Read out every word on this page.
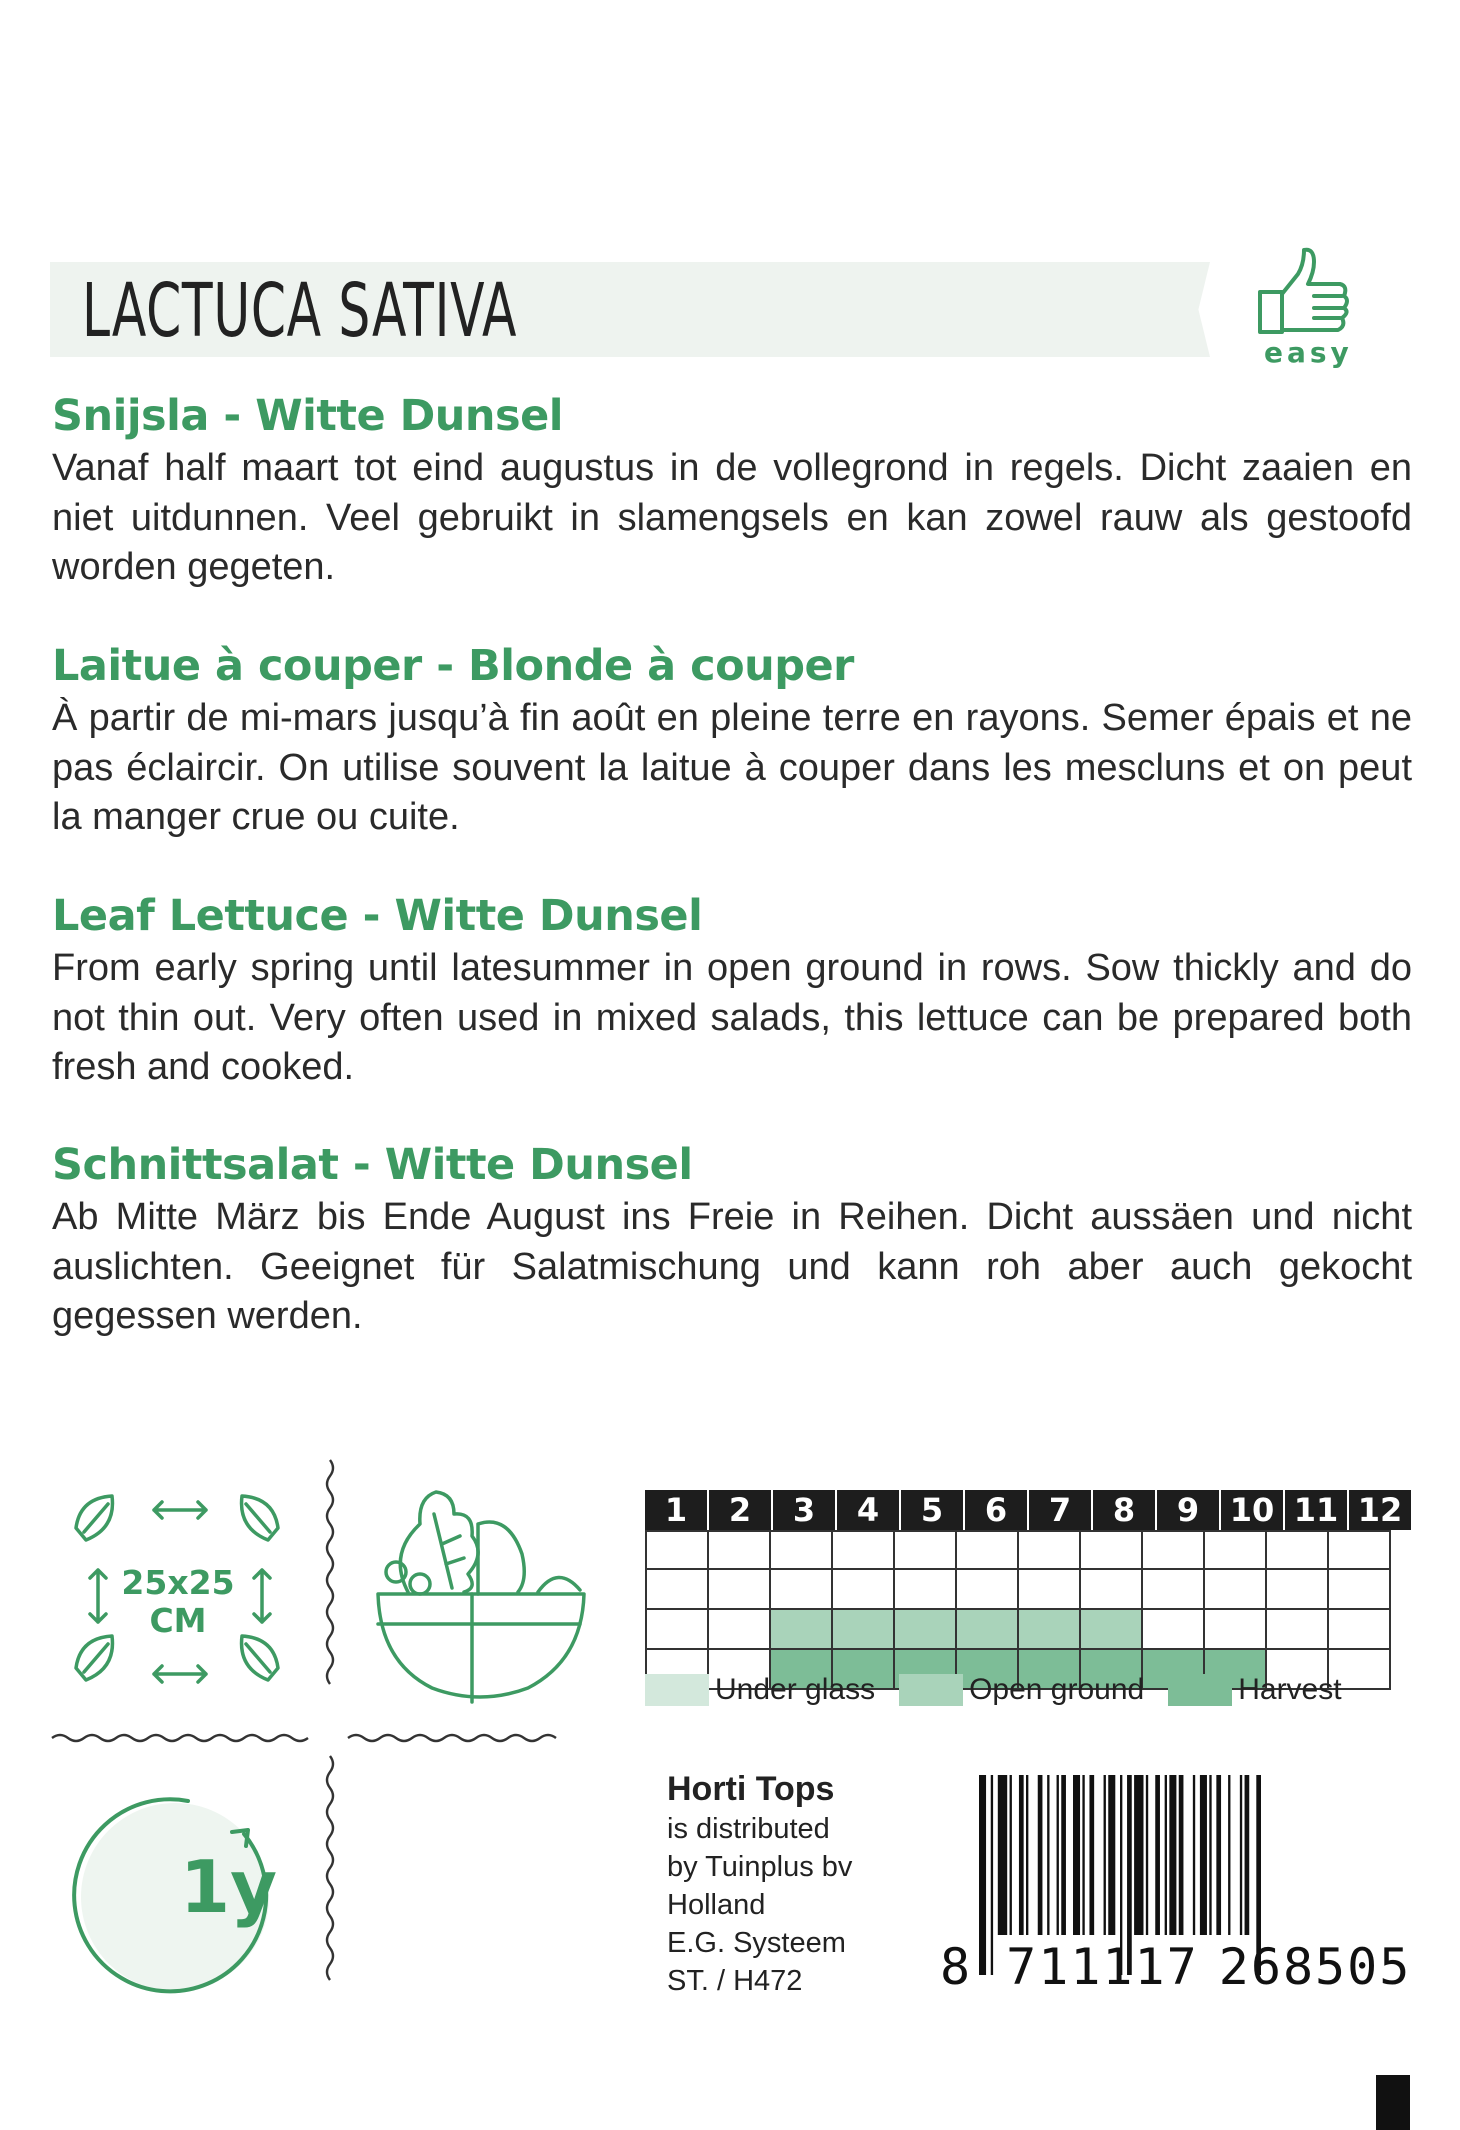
LACTUCA SATIVA	easy
Snijsla - Witte Dunsel

Vanaf half maart tot eind augustus in de vollegrond in regels. Dicht zaaien en niet uitdunnen. Veel gebruikt in slamengsels en kan zowel rauw als gestoofd worden gegeten.

Laitue à couper - Blonde à couper

À partir de mi-mars jusqu’à fin août en pleine terre en rayons. Semer épais et ne pas éclaircir. On utilise souvent la laitue à couper dans les mescluns et on peut la manger crue ou cuite.

Leaf Lettuce - Witte Dunsel

From early spring until latesummer in open ground in rows. Sow thickly and do not thin out. Very often used in mixed salads, this lettuce can be prepared both fresh and cooked.

Schnittsalat - Witte Dunsel

Ab Mitte März bis Ende August ins Freie in Reihen. Dicht aussäen und nicht auslichten. Geeignet für Salatmischung und kann roh aber auch gekocht gegessen werden.

25x25
CM
1y
1	2	3	4	5	6	7	8	9 10 11 12
Under glass	Open ground	Harvest
Horti Tops
is distributed
by Tuinplus bv
Holland
E.G. Systeem
ST. / H472	8 711117 268505
